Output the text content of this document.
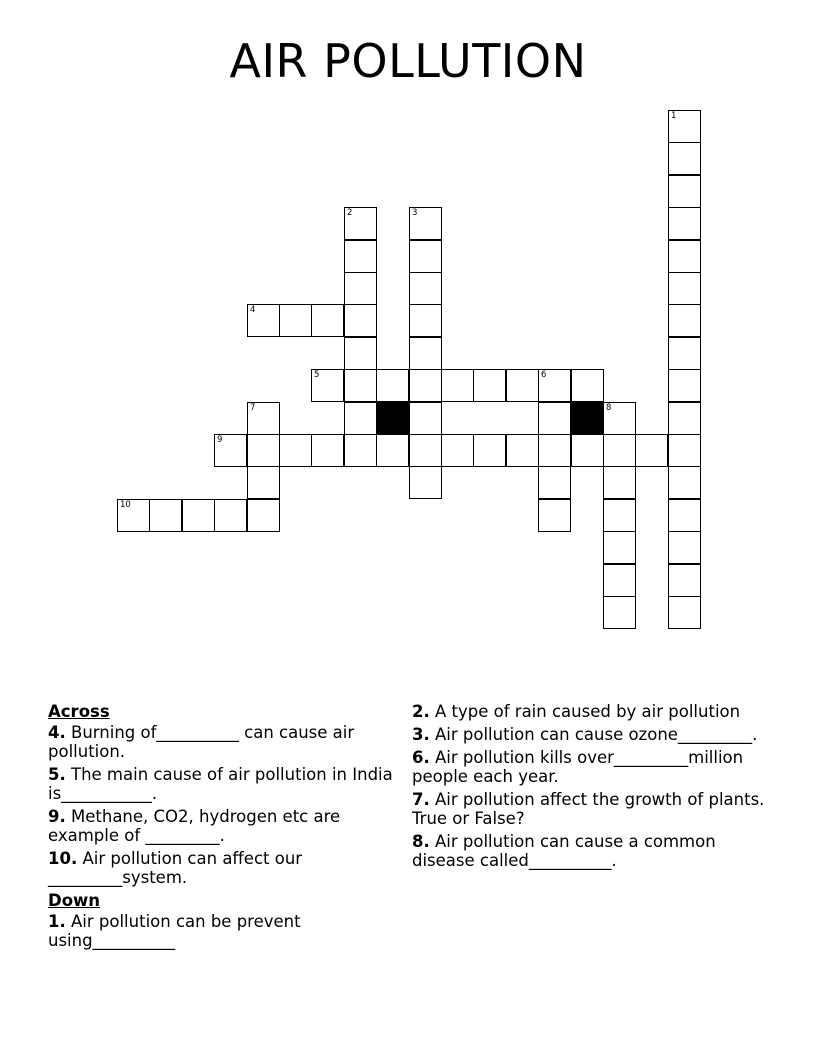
AIR POLLUTION
1
2	3
4
5	6
7	8
9
10
Across
4. Burning of__________ can cause air pollution.
5. The main cause of air pollution in India is___________.
9. Methane, CO2, hydrogen etc are example of _________.
10. Air pollution can affect our _________system.
Down
1. Air pollution can be prevent using__________
2. A type of rain caused by air pollution
3. Air pollution can cause ozone_________.
6. Air pollution kills over_________million people each year.
7. Air pollution affect the growth of plants. True or False?
8. Air pollution can cause a common disease called__________.
